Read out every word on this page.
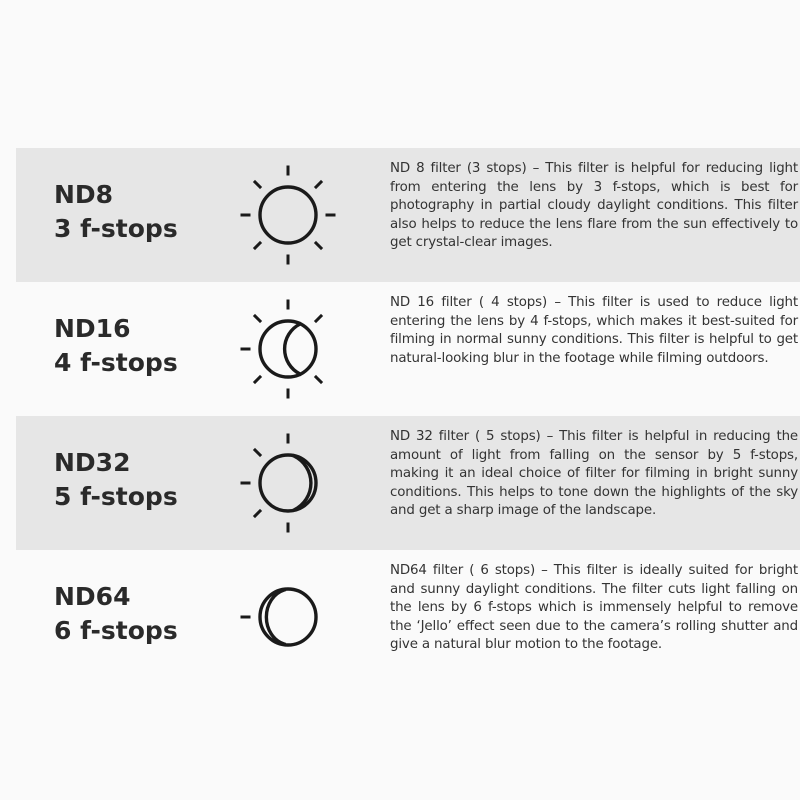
ND8
3 f-stops
ND 8 filter (3 stops) – This filter is helpful for reducing light from entering the lens by 3 f-stops, which is best for photography in partial cloudy daylight conditions. This filter also helps to reduce the lens flare from the sun effectively to get crystal-clear images.
ND16
4 f-stops
ND 16 filter ( 4 stops) – This filter is used to reduce light entering the lens by 4 f-stops, which makes it best-suited for filming in normal sunny conditions. This filter is helpful to get natural-looking blur in the footage while filming outdoors.
ND32
5 f-stops
ND 32 filter ( 5 stops) – This filter is helpful in reducing the amount of light from falling on the sensor by 5 f-stops, making it an ideal choice of filter for filming in bright sunny conditions. This helps to tone down the highlights of the sky and get a sharp image of the landscape.
ND64
6 f-stops
ND64 filter ( 6 stops) – This filter is ideally suited for bright and sunny daylight conditions. The filter cuts light falling on the lens by 6 f-stops which is immensely helpful to remove the ‘Jello’ effect seen due to the camera’s rolling shutter and give a natural blur motion to the footage.
